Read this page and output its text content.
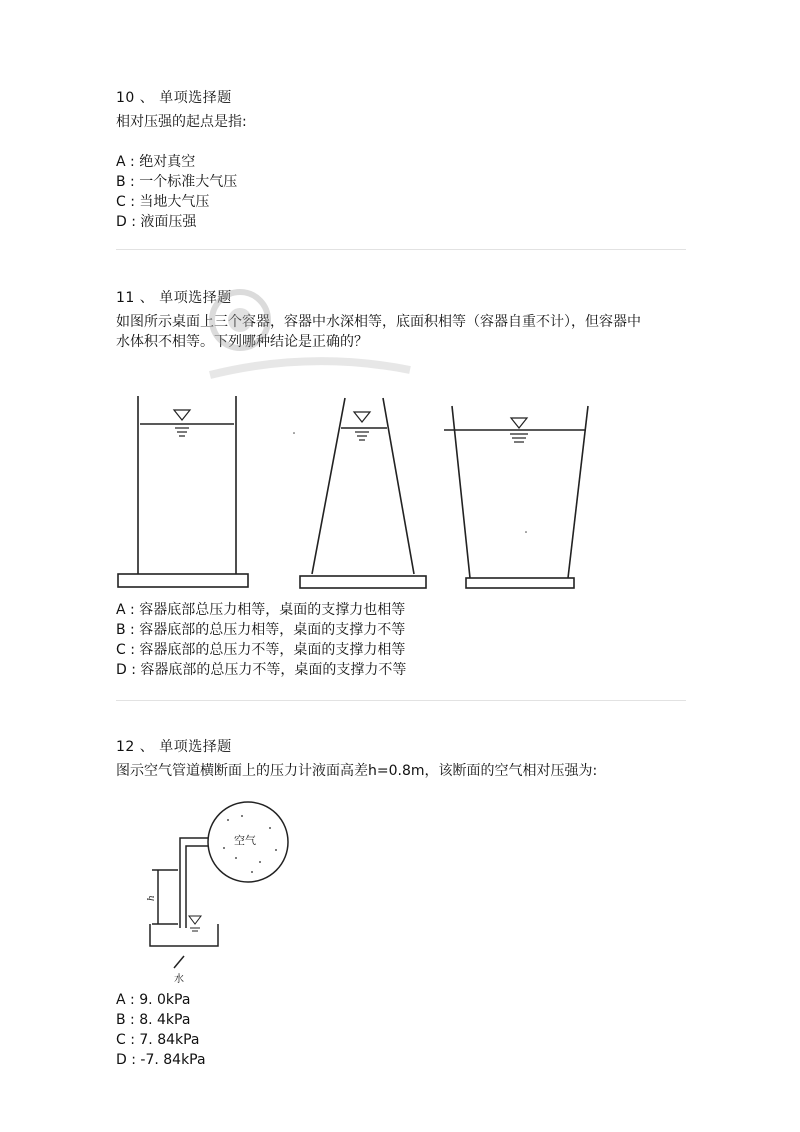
10 、 单项选择题
相对压强的起点是指:
A : 绝对真空
B : 一个标准大气压
C : 当地大气压
D : 液面压强
11 、 单项选择题
如图所示桌面上三个容器，容器中水深相等，底面积相等（容器自重不计），但容器中
水体积不相等。下列哪种结论是正确的？
A : 容器底部总压力相等，桌面的支撑力也相等
B : 容器底部的总压力相等，桌面的支撑力不等
C : 容器底部的总压力不等，桌面的支撑力相等
D : 容器底部的总压力不等，桌面的支撑力不等
12 、 单项选择题
图示空气管道横断面上的压力计液面高差h=0.8m，该断面的空气相对压强为:
空气
h
水
A : 9. 0kPa
B : 8. 4kPa
C : 7. 84kPa
D : -7. 84kPa
